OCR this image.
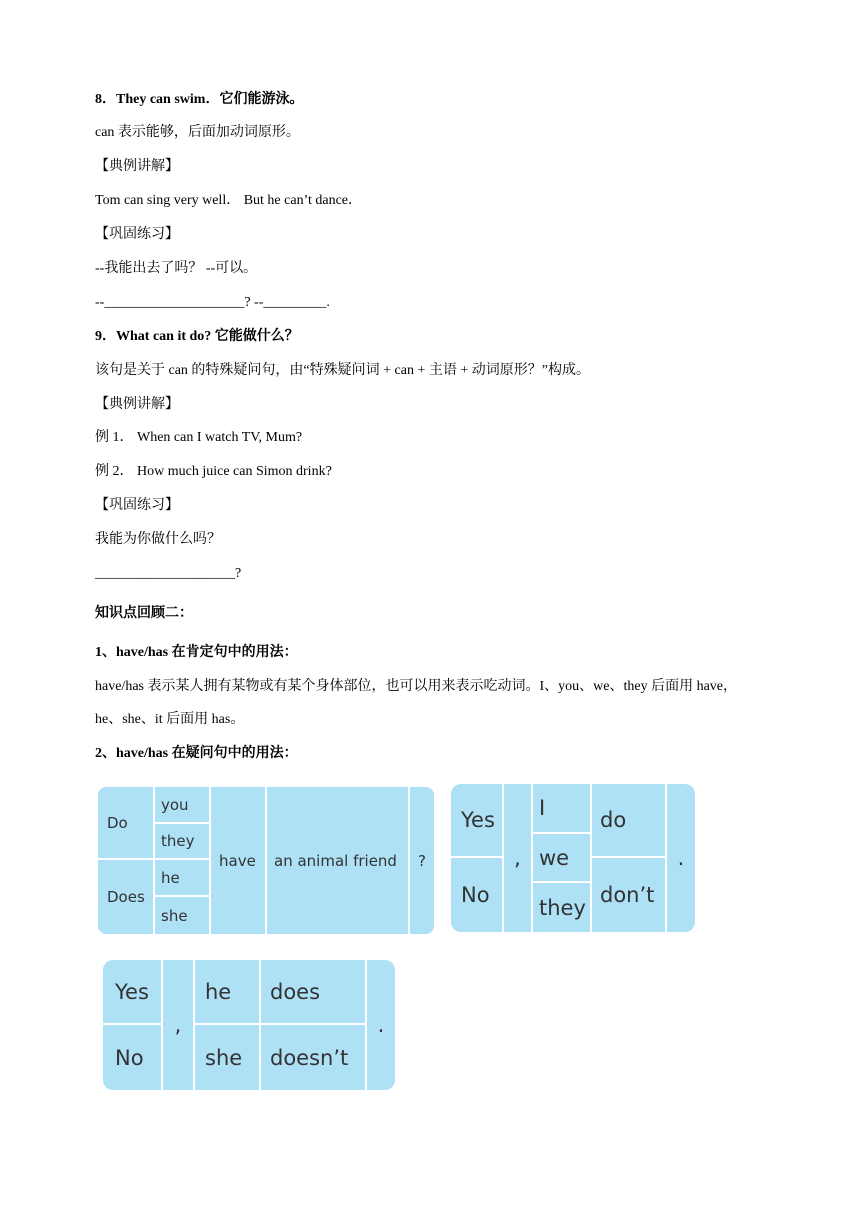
8．They can swim．它们能游泳。
can 表示能够，后面加动词原形。
【典例讲解】
Tom can sing very well． But he can’t dance．
【巩固练习】
--我能出去了吗？ --可以。
--____________________? --_________.
9．What can it do? 它能做什么？
该句是关于 can 的特殊疑问句，由“特殊疑问词 + can + 主语 + 动词原形？”构成。
【典例讲解】
例 1． When can I watch TV, Mum?
例 2． How much juice can Simon drink?
【巩固练习】
我能为你做什么吗？
____________________?
知识点回顾二：
1、have/has 在肯定句中的用法：
have/has 表示某人拥有某物或有某个身体部位，也可以用来表示吃动词。I、you、we、they 后面用 have，
he、she、it 后面用 has。
2、have/has 在疑问句中的用法：
Do
Does
you
they
he
she
have	an animal friend	?
Yes
No
,
I
we
they
do
don’t
.
Yes
No
,
he
she
does
doesn’t
.
